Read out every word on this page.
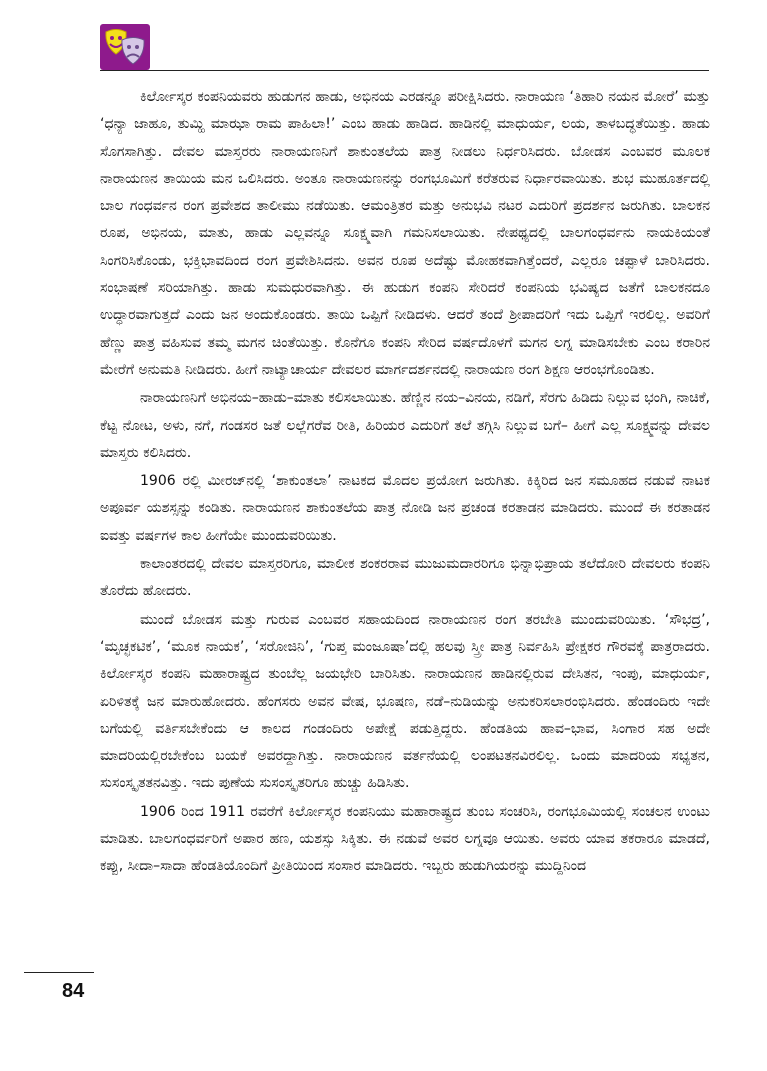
ಕಿರ್ಲೋಸ್ಕರ ಕಂಪನಿಯವರು ಹುಡುಗನ ಹಾಡು, ಅಭಿನಯ ಎರಡನ್ನೂ ಪರೀಕ್ಷಿಸಿದರು. ನಾರಾಯಣ ‘ತಿಹಾರಿ ನಯನ ಮೋರೆ’ ಮತ್ತು ‘ಧನ್ಯಾ ಜಾಹೂ, ತುಮ್ಹಿ ಮಾಝಾ ರಾಮ ಪಾಹಿಲಾ!’ ಎಂಬ ಹಾಡು ಹಾಡಿದ. ಹಾಡಿನಲ್ಲಿ ಮಾಧುರ್ಯ, ಲಯ, ತಾಳಬದ್ಧತೆಯಿತ್ತು. ಹಾಡು ಸೊಗಸಾಗಿತ್ತು. ದೇವಲ ಮಾಸ್ತರರು ನಾರಾಯಣನಿಗೆ ಶಾಕುಂತಲೆಯ ಪಾತ್ರ ನೀಡಲು ನಿರ್ಧರಿಸಿದರು. ಬೋಡಸ ಎಂಬವರ ಮೂಲಕ ನಾರಾಯಣನ ತಾಯಿಯ ಮನ ಒಲಿಸಿದರು. ಅಂತೂ ನಾರಾಯಣನನ್ನು ರಂಗಭೂಮಿಗೆ ಕರೆತರುವ ನಿರ್ಧಾರವಾಯಿತು. ಶುಭ ಮುಹೂರ್ತದಲ್ಲಿ ಬಾಲ ಗಂಧರ್ವನ ರಂಗ ಪ್ರವೇಶದ ತಾಲೀಮು ನಡೆಯಿತು. ಆಮಂತ್ರಿತರ ಮತ್ತು ಅನುಭವಿ ನಟರ ಎದುರಿಗೆ ಪ್ರದರ್ಶನ ಜರುಗಿತು. ಬಾಲಕನ ರೂಪ, ಅಭಿನಯ, ಮಾತು, ಹಾಡು ಎಲ್ಲವನ್ನೂ ಸೂಕ್ಷ್ಮವಾಗಿ ಗಮನಿಸಲಾಯಿತು. ನೇಪಥ್ಯದಲ್ಲಿ ಬಾಲಗಂಧರ್ವನು ನಾಯಕಿಯಂತೆ ಸಿಂಗರಿಸಿಕೊಂಡು, ಭಕ್ತಿಭಾವದಿಂದ ರಂಗ ಪ್ರವೇಶಿಸಿದನು. ಅವನ ರೂಪ ಅದೆಷ್ಟು ಮೋಹಕವಾಗಿತ್ತೆಂದರೆ, ಎಲ್ಲರೂ ಚಪ್ಪಾಳೆ ಬಾರಿಸಿದರು. ಸಂಭಾಷಣೆ ಸರಿಯಾಗಿತ್ತು. ಹಾಡು ಸುಮಧುರವಾಗಿತ್ತು. ಈ ಹುಡುಗ ಕಂಪನಿ ಸೇರಿದರೆ ಕಂಪನಿಯ ಭವಿಷ್ಯದ ಜತೆಗೆ ಬಾಲಕನದೂ ಉದ್ಧಾರವಾಗುತ್ತದೆ ಎಂದು ಜನ ಅಂದುಕೊಂಡರು. ತಾಯಿ ಒಪ್ಪಿಗೆ ನೀಡಿದಳು. ಆದರೆ ತಂದೆ ಶ್ರೀಪಾದರಿಗೆ ಇದು ಒಪ್ಪಿಗೆ ಇರಲಿಲ್ಲ. ಅವರಿಗೆ ಹೆಣ್ಣು ಪಾತ್ರ ವಹಿಸುವ ತಮ್ಮ ಮಗನ ಚಿಂತೆಯಿತ್ತು. ಕೊನೆಗೂ ಕಂಪನಿ ಸೇರಿದ ವರ್ಷದೊಳಗೆ ಮಗನ ಲಗ್ನ ಮಾಡಿಸಬೇಕು ಎಂಬ ಕರಾರಿನ ಮೇರೆಗೆ ಅನುಮತಿ ನೀಡಿದರು. ಹೀಗೆ ನಾಟ್ಯಾಚಾರ್ಯ ದೇವಲರ ಮಾರ್ಗದರ್ಶನದಲ್ಲಿ ನಾರಾಯಣ ರಂಗ ಶಿಕ್ಷಣ ಆರಂಭಗೊಂಡಿತು.

ನಾರಾಯಣನಿಗೆ ಅಭಿನಯ–ಹಾಡು–ಮಾತು ಕಲಿಸಲಾಯಿತು. ಹೆಣ್ಣಿನ ನಯ–ವಿನಯ, ನಡಿಗೆ, ಸೆರಗು ಹಿಡಿದು ನಿಲ್ಲುವ ಭಂಗಿ, ನಾಚಿಕೆ, ಕೆಟ್ಟ ನೋಟ, ಅಳು, ನಗೆ, ಗಂಡಸರ ಜತೆ ಲಲ್ಲೆಗರೆವ ರೀತಿ, ಹಿರಿಯರ ಎದುರಿಗೆ ತಲೆ ತಗ್ಗಿಸಿ ನಿಲ್ಲುವ ಬಗೆ– ಹೀಗೆ ಎಲ್ಲ ಸೂಕ್ಷ್ಮವನ್ನು ದೇವಲ ಮಾಸ್ತರು ಕಲಿಸಿದರು.

1906 ರಲ್ಲಿ ಮೀರಜ್‌ನಲ್ಲಿ ‘ಶಾಕುಂತಲಾ’ ನಾಟಕದ ಮೊದಲ ಪ್ರಯೋಗ ಜರುಗಿತು. ಕಿಕ್ಕಿರಿದ ಜನ ಸಮೂಹದ ನಡುವೆ ನಾಟಕ ಅಪೂರ್ವ ಯಶಸ್ಸನ್ನು ಕಂಡಿತು. ನಾರಾಯಣನ ಶಾಕುಂತಲೆಯ ಪಾತ್ರ ನೋಡಿ ಜನ ಪ್ರಚಂಡ ಕರತಾಡನ ಮಾಡಿದರು. ಮುಂದೆ ಈ ಕರತಾಡನ ಐವತ್ತು ವರ್ಷಗಳ ಕಾಲ ಹೀಗೆಯೇ ಮುಂದುವರಿಯಿತು.

ಕಾಲಾಂತರದಲ್ಲಿ ದೇವಲ ಮಾಸ್ತರರಿಗೂ, ಮಾಲೀಕ ಶಂಕರರಾವ ಮುಜುಮದಾರರಿಗೂ ಭಿನ್ನಾಭಿಪ್ರಾಯ ತಲೆದೋರಿ ದೇವಲರು ಕಂಪನಿ ತೊರೆದು ಹೋದರು.

ಮುಂದೆ ಬೋಡಸ ಮತ್ತು ಗುರುವ ಎಂಬವರ ಸಹಾಯದಿಂದ ನಾರಾಯಣನ ರಂಗ ತರಬೇತಿ ಮುಂದುವರಿಯಿತು. ‘ಸೌಭದ್ರ’, ‘ಮೃಚ್ಛಕಟಿಕ’, ‘ಮೂಕ ನಾಯಕ’, ‘ಸರೋಜಿನಿ’, ‘ಗುಪ್ತ ಮಂಜೂಷಾ’ದಲ್ಲಿ ಹಲವು ಸ್ತ್ರೀ ಪಾತ್ರ ನಿರ್ವಹಿಸಿ ಪ್ರೇಕ್ಷಕರ ಗೌರವಕ್ಕೆ ಪಾತ್ರರಾದರು. ಕಿರ್ಲೋಸ್ಕರ ಕಂಪನಿ ಮಹಾರಾಷ್ಟ್ರದ ತುಂಬೆಲ್ಲ ಜಯಭೇರಿ ಬಾರಿಸಿತು. ನಾರಾಯಣನ ಹಾಡಿನಲ್ಲಿರುವ ದೇಸಿತನ, ಇಂಪು, ಮಾಧುರ್ಯ, ಏರಿಳಿತಕ್ಕೆ ಜನ ಮಾರುಹೋದರು. ಹೆಂಗಸರು ಅವನ ವೇಷ, ಭೂಷಣ, ನಡೆ–ನುಡಿಯನ್ನು ಅನುಕರಿಸಲಾರಂಭಿಸಿದರು. ಹೆಂಡಂದಿರು ಇದೇ ಬಗೆಯಲ್ಲಿ ವರ್ತಿಸಬೇಕೆಂದು ಆ ಕಾಲದ ಗಂಡಂದಿರು ಅಪೇಕ್ಷೆ ಪಡುತ್ತಿದ್ದರು. ಹೆಂಡತಿಯ ಹಾವ–ಭಾವ, ಸಿಂಗಾರ ಸಹ ಅದೇ ಮಾದರಿಯಲ್ಲಿರಬೇಕೆಂಬ ಬಯಕೆ ಅವರದ್ದಾಗಿತ್ತು. ನಾರಾಯಣನ ವರ್ತನೆಯಲ್ಲಿ ಲಂಪಟತನವಿರಲಿಲ್ಲ. ಒಂದು ಮಾದರಿಯ ಸಭ್ಯತನ, ಸುಸಂಸ್ಕೃತತನವಿತ್ತು. ಇದು ಪುಣೆಯ ಸುಸಂಸ್ಕೃತರಿಗೂ ಹುಚ್ಚು ಹಿಡಿಸಿತು.

1906 ರಿಂದ 1911 ರವರೆಗೆ ಕಿರ್ಲೋಸ್ಕರ ಕಂಪನಿಯು ಮಹಾರಾಷ್ಟ್ರದ ತುಂಬ ಸಂಚರಿಸಿ, ರಂಗಭೂಮಿಯಲ್ಲಿ ಸಂಚಲನ ಉಂಟು ಮಾಡಿತು. ಬಾಲಗಂಧರ್ವರಿಗೆ ಅಪಾರ ಹಣ, ಯಶಸ್ಸು ಸಿಕ್ಕಿತು. ಈ ನಡುವೆ ಅವರ ಲಗ್ನವೂ ಆಯಿತು. ಅವರು ಯಾವ ತಕರಾರೂ ಮಾಡದೆ, ಕಪ್ಪು, ಸೀದಾ–ಸಾದಾ ಹೆಂಡತಿಯೊಂದಿಗೆ ಪ್ರೀತಿಯಿಂದ ಸಂಸಾರ ಮಾಡಿದರು. ಇಬ್ಬರು ಹುಡುಗಿಯರನ್ನು ಮುದ್ದಿನಿಂದ

84
